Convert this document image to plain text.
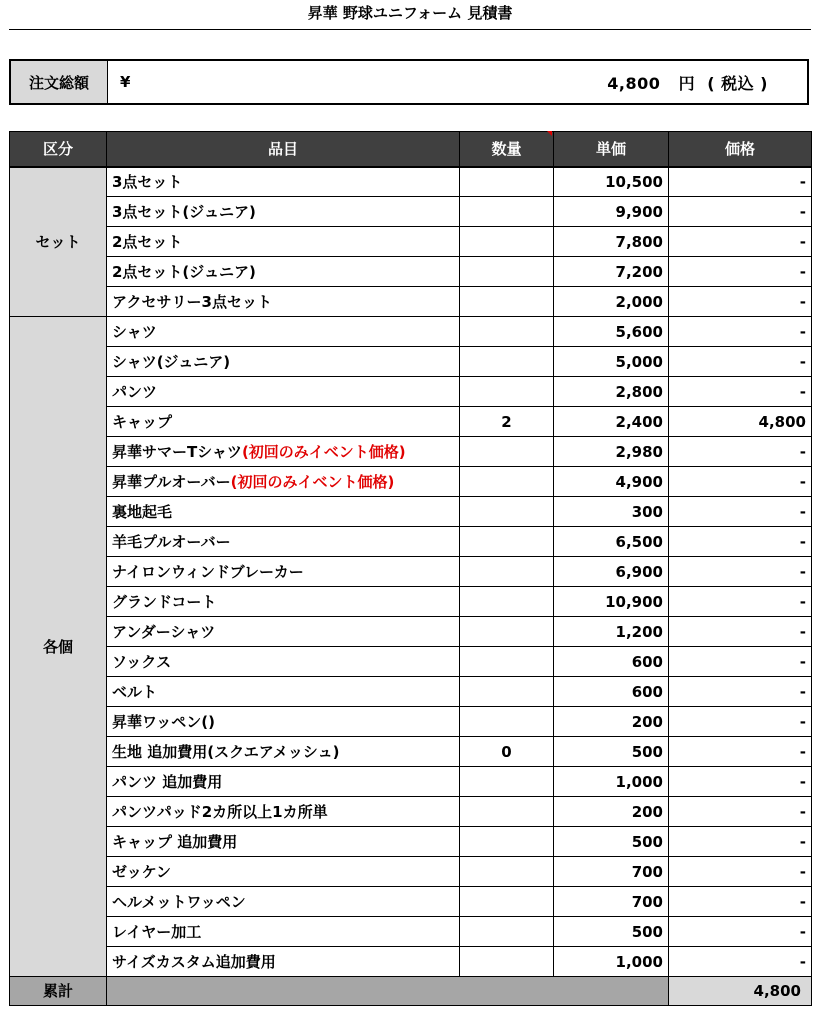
昇華 野球ユニフォーム 見積書
注文総額	¥	4,800 円 ( 税込 )
区分	品目	数量	単価	価格
セット	3点セット		10,500	-
	3点セット(ジュニア)		9,900	-
	2点セット		7,800	-
	2点セット(ジュニア)		7,200	-
	アクセサリー3点セット		2,000	-
各個	シャツ		5,600	-
	シャツ(ジュニア)		5,000	-
	パンツ		2,800	-
	キャップ	2	2,400	4,800
	昇華サマーTシャツ(初回のみイベント価格)		2,980	-
	昇華プルオーバー(初回のみイベント価格)		4,900	-
	裏地起毛		300	-
	羊毛プルオーバー		6,500	-
	ナイロンウィンドブレーカー		6,900	-
	グランドコート		10,900	-
	アンダーシャツ		1,200	-
	ソックス		600	-
	ベルト		600	-
	昇華ワッペン()		200	-
	生地 追加費用(スクエアメッシュ)	0	500	-
	パンツ 追加費用		1,000	-
	パンツパッド2カ所以上1カ所単		200	-
	キャップ 追加費用		500	-
	ゼッケン		700	-
	ヘルメットワッペン		700	-
	レイヤー加工		500	-
	サイズカスタム追加費用		1,000	-
累計				4,800
